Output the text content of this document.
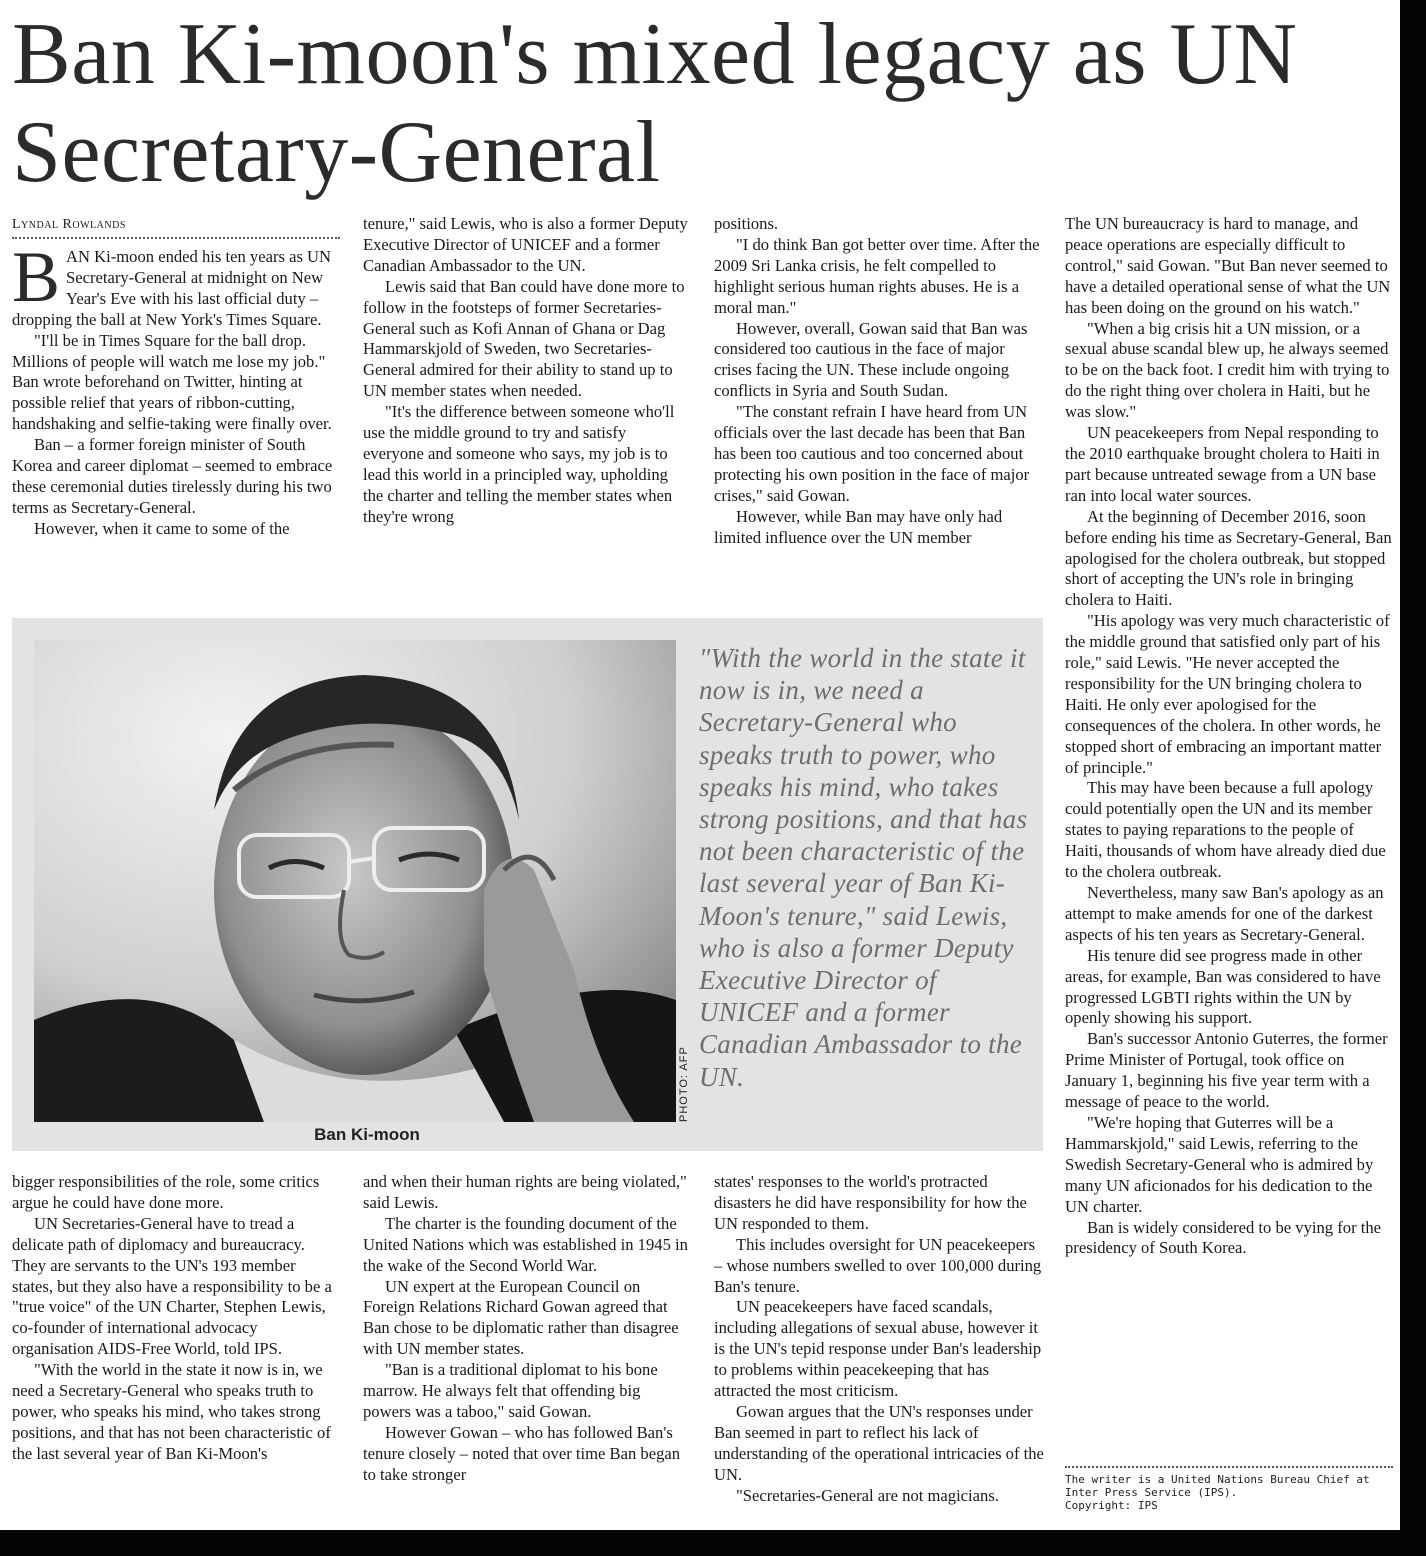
Ban Ki-moon's mixed legacy as UN Secretary-General
Lyndal Rowlands
B AN Ki-moon ended his ten years as UN Secretary-General at midnight on New Year's Eve with his last official duty – dropping the ball at New York's Times Square.

"I'll be in Times Square for the ball drop. Millions of people will watch me lose my job." Ban wrote beforehand on Twitter, hinting at possible relief that years of ribbon-cutting, handshaking and selfie-taking were finally over.

Ban – a former foreign minister of South Korea and career diplomat – seemed to embrace these ceremonial duties tirelessly during his two terms as Secretary-General.

However, when it came to some of the

tenure," said Lewis, who is also a former Deputy Executive Director of UNICEF and a former Canadian Ambassador to the UN.

Lewis said that Ban could have done more to follow in the footsteps of former Secretaries-General such as Kofi Annan of Ghana or Dag Hammarskjold of Sweden, two Secretaries-General admired for their ability to stand up to UN member states when needed.

"It's the difference between someone who'll use the middle ground to try and satisfy everyone and someone who says, my job is to lead this world in a principled way, upholding the charter and telling the member states when they're wrong

positions.

"I do think Ban got better over time. After the 2009 Sri Lanka crisis, he felt compelled to highlight serious human rights abuses. He is a moral man."

However, overall, Gowan said that Ban was considered too cautious in the face of major crises facing the UN. These include ongoing conflicts in Syria and South Sudan.

"The constant refrain I have heard from UN officials over the last decade has been that Ban has been too cautious and too concerned about protecting his own position in the face of major crises," said Gowan.

However, while Ban may have only had limited influence over the UN member

The UN bureaucracy is hard to manage, and peace operations are especially difficult to control," said Gowan. "But Ban never seemed to have a detailed operational sense of what the UN has been doing on the ground on his watch."

"When a big crisis hit a UN mission, or a sexual abuse scandal blew up, he always seemed to be on the back foot. I credit him with trying to do the right thing over cholera in Haiti, but he was slow."

UN peacekeepers from Nepal responding to the 2010 earthquake brought cholera to Haiti in part because untreated sewage from a UN base ran into local water sources.

At the beginning of December 2016, soon before ending his time as Secretary-General, Ban apologised for the cholera outbreak, but stopped short of accepting the UN's role in bringing cholera to Haiti.

"His apology was very much characteristic of the middle ground that satisfied only part of his role," said Lewis. "He never accepted the responsibility for the UN bringing cholera to Haiti. He only ever apologised for the consequences of the cholera. In other words, he stopped short of embracing an important matter of principle."

This may have been because a full apology could potentially open the UN and its member states to paying reparations to the people of Haiti, thousands of whom have already died due to the cholera outbreak.

Nevertheless, many saw Ban's apology as an attempt to make amends for one of the darkest aspects of his ten years as Secretary-General.

His tenure did see progress made in other areas, for example, Ban was considered to have progressed LGBTI rights within the UN by openly showing his support.

Ban's successor Antonio Guterres, the former Prime Minister of Portugal, took office on January 1, beginning his five year term with a message of peace to the world.

"We're hoping that Guterres will be a Hammarskjold," said Lewis, referring to the Swedish Secretary-General who is admired by many UN aficionados for his dedication to the UN charter.

Ban is widely considered to be vying for the presidency of South Korea.

PHOTO: AFP
Ban Ki-moon
"With the world in the state it now is in, we need a Secretary-General who speaks truth to power, who speaks his mind, who takes strong positions, and that has not been characteristic of the last several year of Ban Ki-Moon's tenure," said Lewis, who is also a former Deputy Executive Director of UNICEF and a former Canadian Ambassador to the UN.

bigger responsibilities of the role, some critics argue he could have done more.

UN Secretaries-General have to tread a delicate path of diplomacy and bureaucracy. They are servants to the UN's 193 member states, but they also have a responsibility to be a "true voice" of the UN Charter, Stephen Lewis, co-founder of international advocacy organisation AIDS-Free World, told IPS.

"With the world in the state it now is in, we need a Secretary-General who speaks truth to power, who speaks his mind, who takes strong positions, and that has not been characteristic of the last several year of Ban Ki-Moon's

and when their human rights are being violated," said Lewis.

The charter is the founding document of the United Nations which was established in 1945 in the wake of the Second World War.

UN expert at the European Council on Foreign Relations Richard Gowan agreed that Ban chose to be diplomatic rather than disagree with UN member states.

"Ban is a traditional diplomat to his bone marrow. He always felt that offending big powers was a taboo," said Gowan.

However Gowan – who has followed Ban's tenure closely – noted that over time Ban began to take stronger

states' responses to the world's protracted disasters he did have responsibility for how the UN responded to them.

This includes oversight for UN peacekeepers – whose numbers swelled to over 100,000 during Ban's tenure.

UN peacekeepers have faced scandals, including allegations of sexual abuse, however it is the UN's tepid response under Ban's leadership to problems within peacekeeping that has attracted the most criticism.

Gowan argues that the UN's responses under Ban seemed in part to reflect his lack of understanding of the operational intricacies of the UN.

"Secretaries-General are not magicians.

The writer is a United Nations Bureau Chief at Inter Press Service (IPS).
Copyright: IPS
